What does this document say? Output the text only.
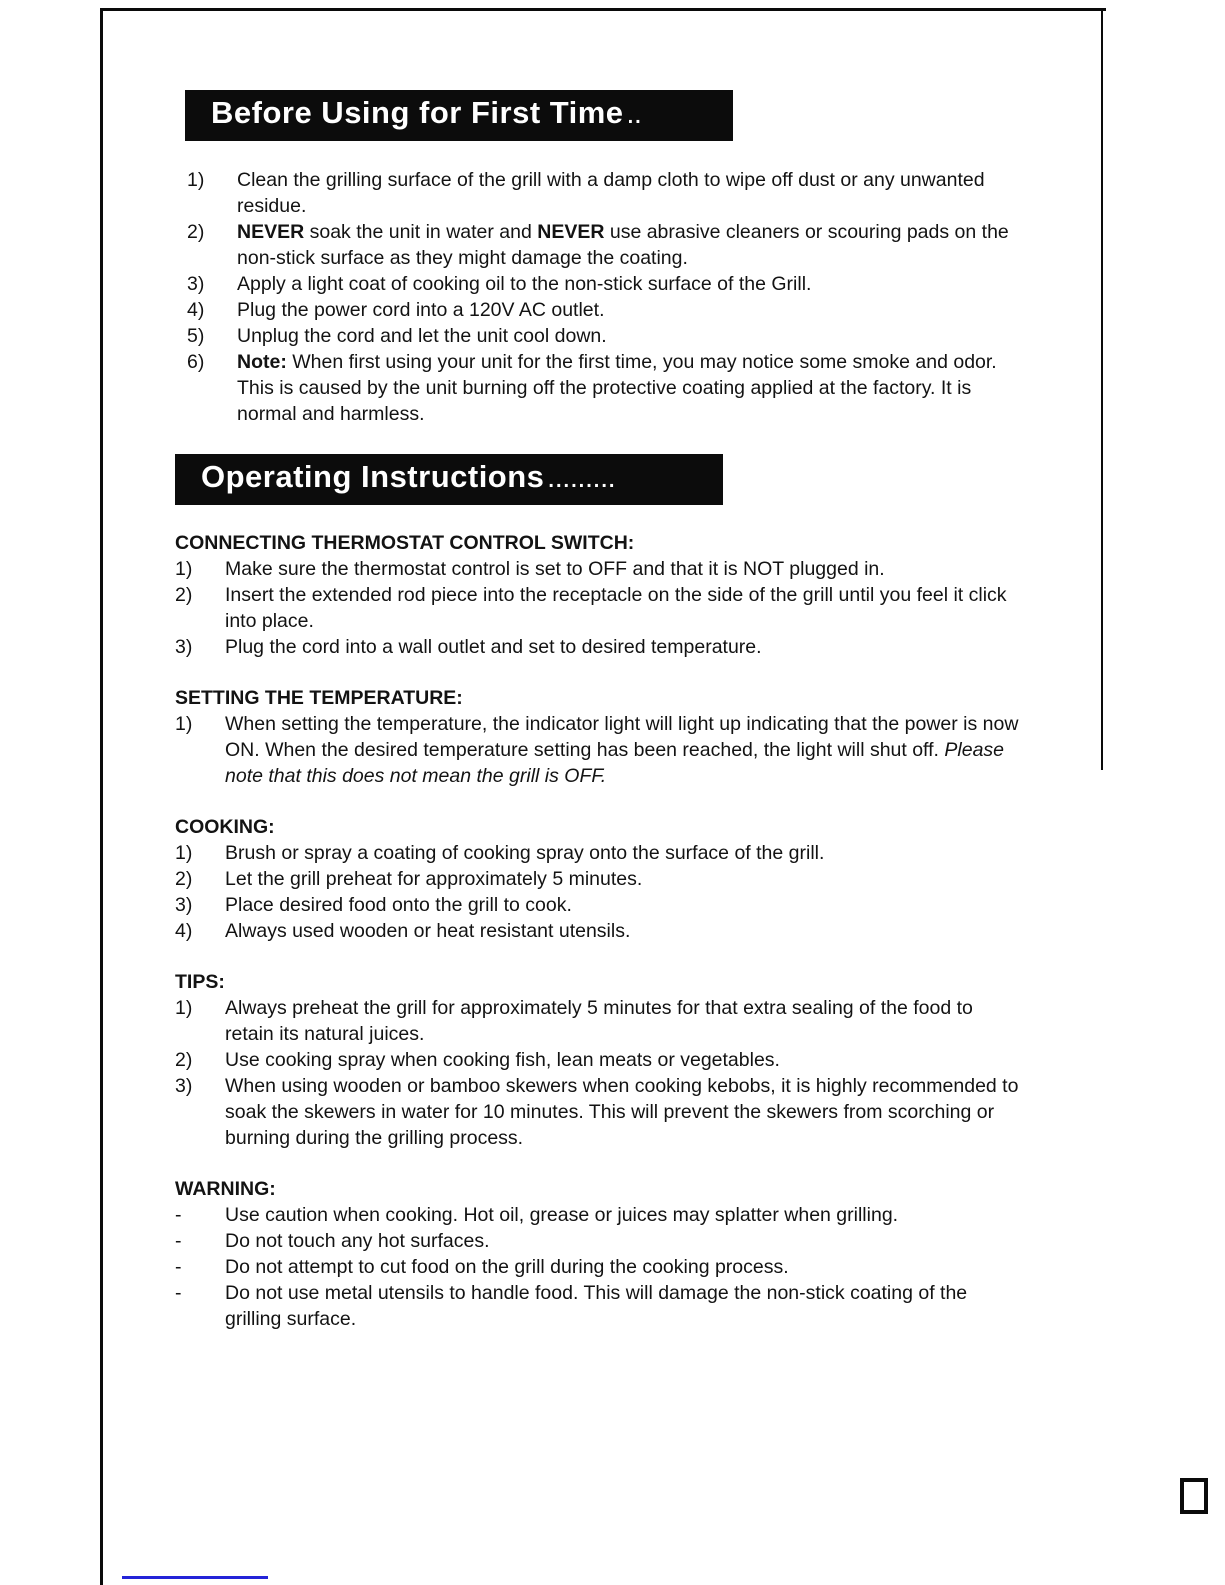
Before Using for First Time ..
1)	Clean the grilling surface of the grill with a damp cloth to wipe off dust or any unwanted residue.
2)	NEVER soak the unit in water and NEVER use abrasive cleaners or scouring pads on the non-stick surface as they might damage the coating.
3)	Apply a light coat of cooking oil to the non-stick surface of the Grill.
4)	Plug the power cord into a 120V AC outlet.
5)	Unplug the cord and let the unit cool down.
6)	Note: When first using your unit for the first time, you may notice some smoke and odor. This is caused by the unit burning off the protective coating applied at the factory. It is normal and harmless.
Operating Instructions .........
CONNECTING THERMOSTAT CONTROL SWITCH:
1)	Make sure the thermostat control is set to OFF and that it is NOT plugged in.
2)	Insert the extended rod piece into the receptacle on the side of the grill until you feel it click into place.
3)	Plug the cord into a wall outlet and set to desired temperature.
SETTING THE TEMPERATURE:
1)	When setting the temperature, the indicator light will light up indicating that the power is now ON. When the desired temperature setting has been reached, the light will shut off. Please note that this does not mean the grill is OFF.
COOKING:
1)	Brush or spray a coating of cooking spray onto the surface of the grill.
2)	Let the grill preheat for approximately 5 minutes.
3)	Place desired food onto the grill to cook.
4)	Always used wooden or heat resistant utensils.
TIPS:
1)	Always preheat the grill for approximately 5 minutes for that extra sealing of the food to retain its natural juices.
2)	Use cooking spray when cooking fish, lean meats or vegetables.
3)	When using wooden or bamboo skewers when cooking kebobs, it is highly recommended to soak the skewers in water for 10 minutes. This will prevent the skewers from scorching or burning during the grilling process.
WARNING:
-	Use caution when cooking. Hot oil, grease or juices may splatter when grilling.
-	Do not touch any hot surfaces.
-	Do not attempt to cut food on the grill during the cooking process.
-	Do not use metal utensils to handle food. This will damage the non-stick coating of the grilling surface.
